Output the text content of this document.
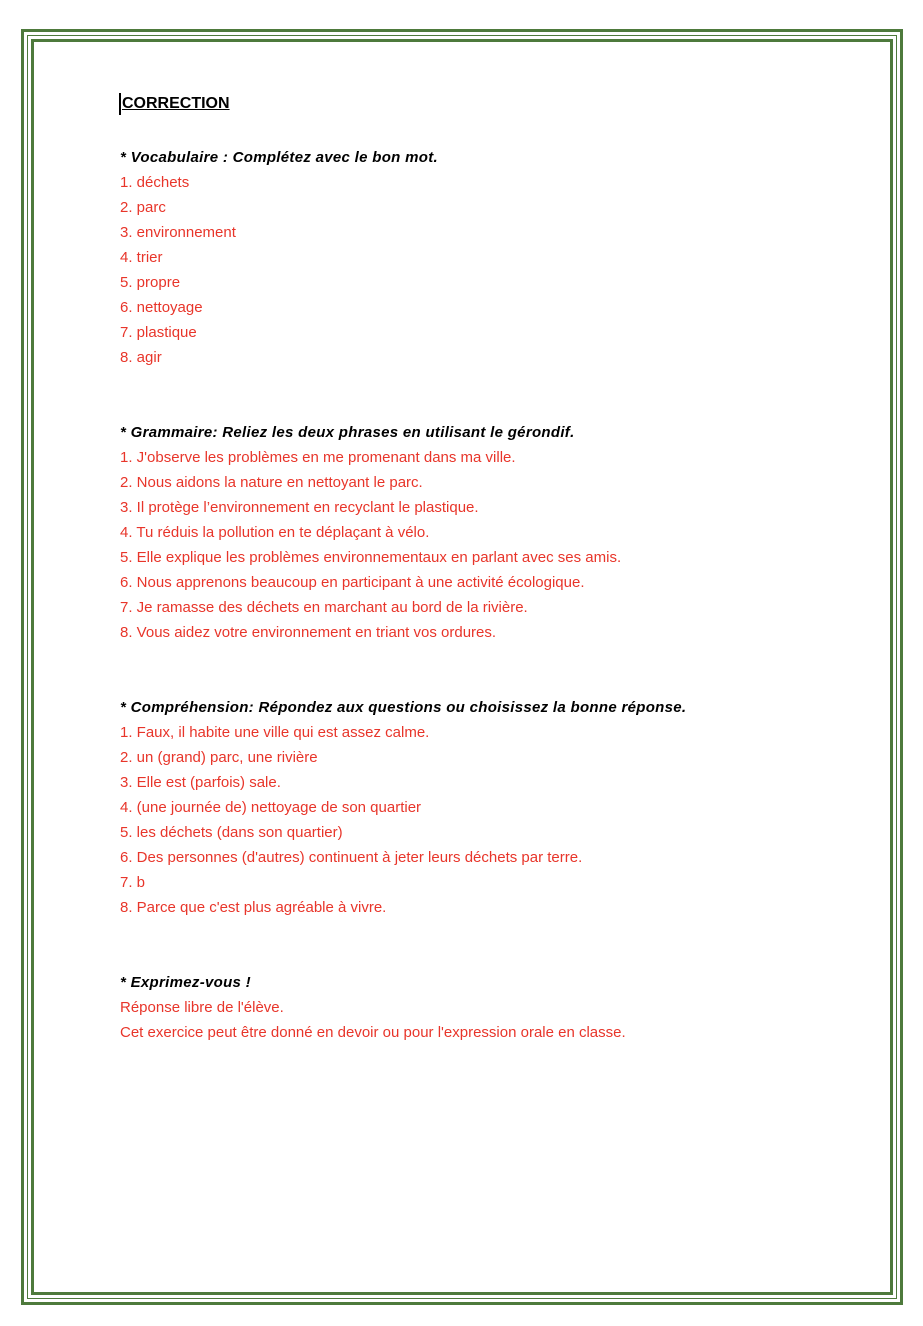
CORRECTION

* Vocabulaire : Complétez avec le bon mot.

1. déchets

2. parc

3. environnement

4. trier

5. propre

6. nettoyage

7. plastique

8. agir

* Grammaire: Reliez les deux phrases en utilisant le gérondif.

1. J'observe les problèmes en me promenant dans ma ville.

2. Nous aidons la nature en nettoyant le parc.

3. Il protège l’environnement en recyclant le plastique.

4. Tu réduis la pollution en te déplaçant à vélo.

5. Elle explique les problèmes environnementaux en parlant avec ses amis.

6. Nous apprenons beaucoup en participant à une activité écologique.

7. Je ramasse des déchets en marchant au bord de la rivière.

8. Vous aidez votre environnement en triant vos ordures.

* Compréhension: Répondez aux questions ou choisissez la bonne réponse.

1. Faux, il habite une ville qui est assez calme.

2. un (grand) parc, une rivière

3. Elle est (parfois) sale.

4. (une journée de) nettoyage de son quartier

5. les déchets (dans son quartier)

6. Des personnes (d'autres) continuent à jeter leurs déchets par terre.

7. b

8. Parce que c'est plus agréable à vivre.

* Exprimez-vous !

Réponse libre de l'élève.

Cet exercice peut être donné en devoir ou pour l'expression orale en classe.
